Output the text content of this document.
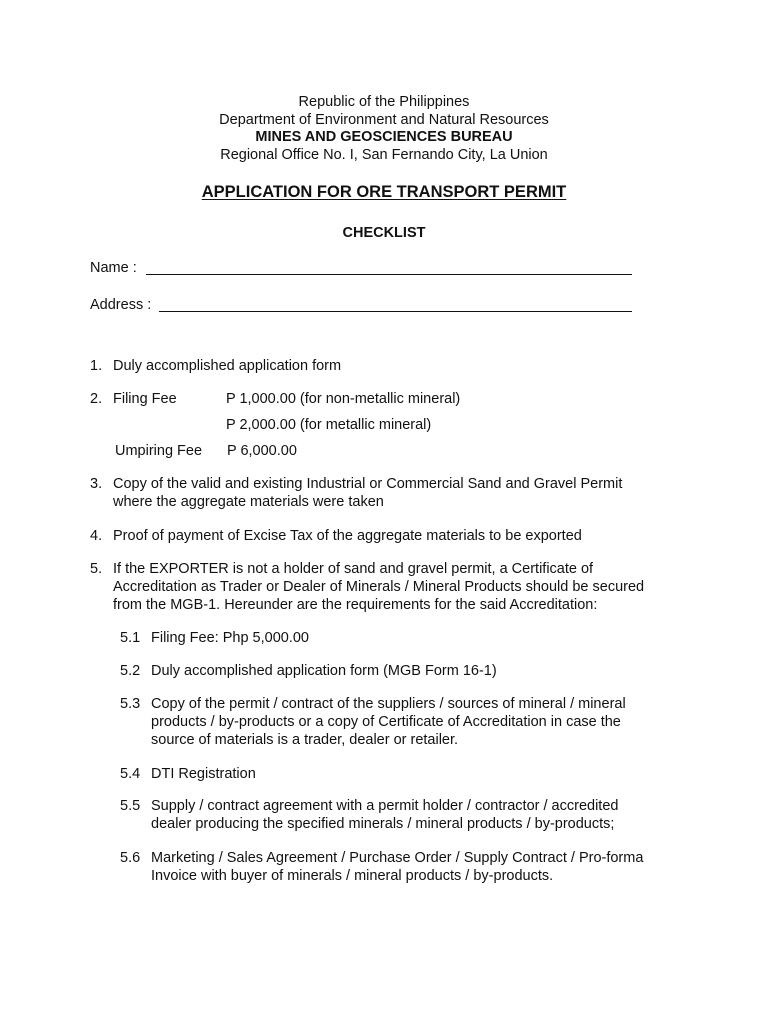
Republic of the Philippines
Department of Environment and Natural Resources
MINES AND GEOSCIENCES BUREAU
Regional Office No. I, San Fernando City, La Union
APPLICATION FOR ORE TRANSPORT PERMIT
CHECKLIST
Name :
Address :
1. Duly accomplished application form
2. Filing Fee	P 1,000.00 (for non-metallic mineral)
P 2,000.00 (for metallic mineral)
Umpiring Fee P 6,000.00
3. Copy of the valid and existing Industrial or Commercial Sand and Gravel Permit
where the aggregate materials were taken
4. Proof of payment of Excise Tax of the aggregate materials to be exported
5. If the EXPORTER is not a holder of sand and gravel permit, a Certificate of
Accreditation as Trader or Dealer of Minerals / Mineral Products should be secured
from the MGB-1. Hereunder are the requirements for the said Accreditation:
5.1 Filing Fee: Php 5,000.00
5.2 Duly accomplished application form (MGB Form 16-1)
5.3 Copy of the permit / contract of the suppliers / sources of mineral / mineral
products / by-products or a copy of Certificate of Accreditation in case the
source of materials is a trader, dealer or retailer.
5.4 DTI Registration
5.5 Supply / contract agreement with a permit holder / contractor / accredited
dealer producing the specified minerals / mineral products / by-products;
5.6 Marketing / Sales Agreement / Purchase Order / Supply Contract / Pro-forma
Invoice with buyer of minerals / mineral products / by-products.
